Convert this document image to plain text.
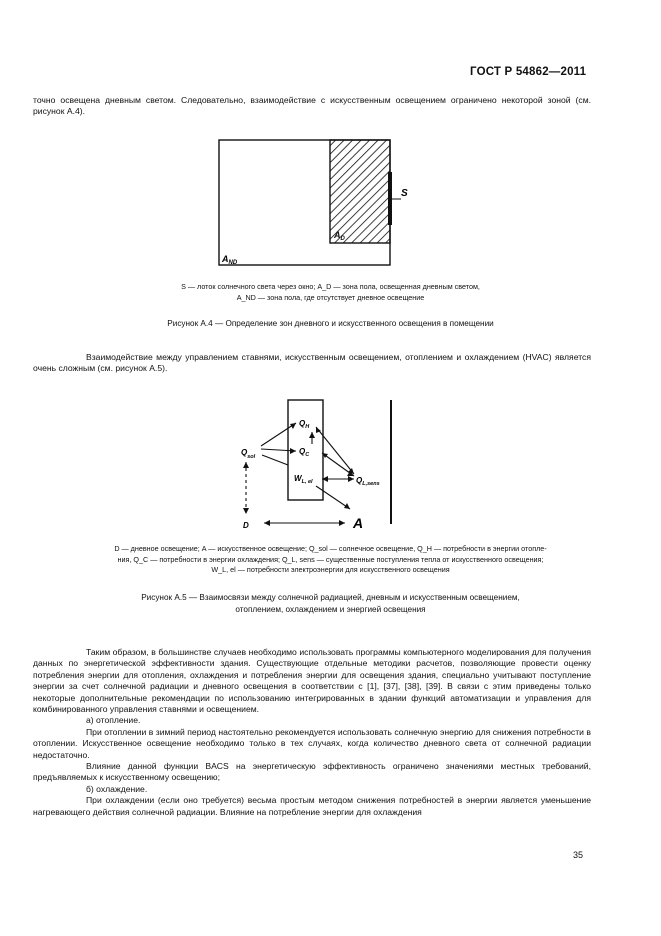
ГОСТ Р 54862—2011
точно освещена дневным светом. Следовательно, взаимодействие с искусственным освещением ограничено некоторой зоной (см. рисунок А.4).
S
$A_D$
$A_{ND}$
$Q_H$
$Q_C$
$Q_{sol}$
$W_{L, el}$	$Q_{L,sens}$
D	A
S — лоток солнечного света через окно; A_D — зона пола, освещенная дневным светом,
A_ND — зона пола, где отсутствует дневное освещение
Рисунок А.4 — Определение зон дневного и искусственного освещения в помещении
Взаимодействие между управлением ставнями, искусственным освещением, отоплением и охлаждением (HVAC) является очень сложным (см. рисунок А.5).
D — дневное освещение; A — искусственное освещение; Q_sol — солнечное освещение, Q_H — потребности в энергии отопле-
ния, Q_C — потребности в энергии охлаждения; Q_L, sens — существенные поступления тепла от искусственного освещения;
W_L, el — потребности электроэнергии для искусственного освещения
Рисунок А.5 — Взаимосвязи между солнечной радиацией, дневным и искусственным освещением,
отоплением, охлаждением и энергией освещения
Таким образом, в большинстве случаев необходимо использовать программы компьютерного моделирования для получения данных по энергетической эффективности здания. Существующие отдельные методики расчетов, позволяющие провести оценку потребления энергии для отопления, охлаждения и потребления энергии для освещения здания, специально учитывают поступление энергии за счет солнечной радиации и дневного освещения в соответствии с [1], [37], [38], [39]. В связи с этим приведены только некоторые дополнительные рекомендации по использованию интегрированных в здании функций автоматизации и управления для комбинированного управления ставнями и освещением.
а) отопление.
При отоплении в зимний период настоятельно рекомендуется использовать солнечную энергию для снижения потребности в отоплении. Искусственное освещение необходимо только в тех случаях, когда количество дневного света от солнечной радиации недостаточно.
Влияние данной функции BACS на энергетическую эффективность ограничено значениями местных требований, предъявляемых к искусственному освещению;
б) охлаждение.
При охлаждении (если оно требуется) весьма простым методом снижения потребностей в энергии является уменьшение нагревающего действия солнечной радиации. Влияние на потребление энергии для охлаждения
35
